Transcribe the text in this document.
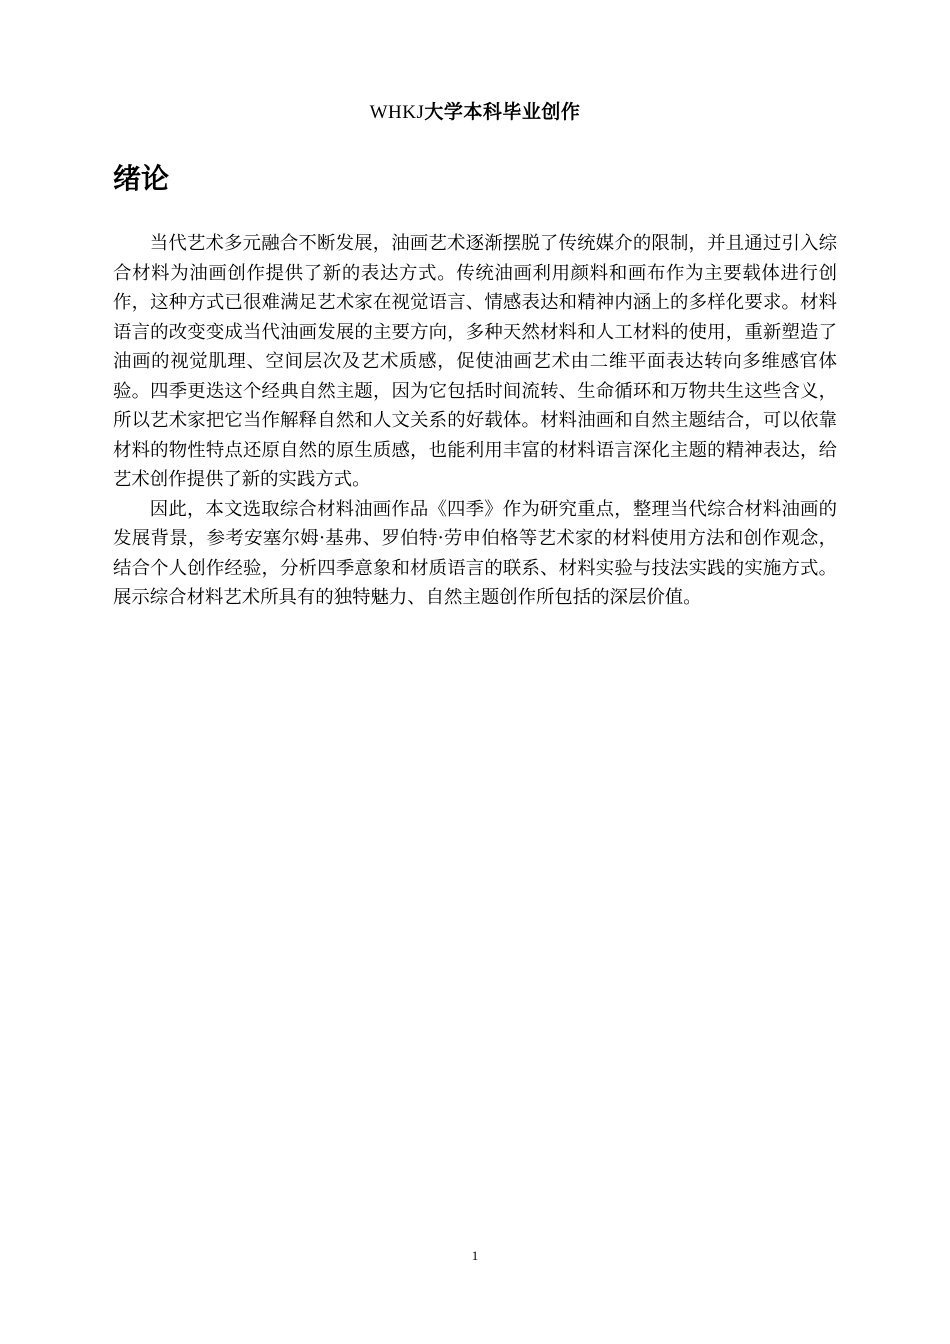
WHKJ大学本科毕业创作
绪论

当代艺术多元融合不断发展，油画艺术逐渐摆脱了传统媒介的限制，并且通过引入综合材料为油画创作提供了新的表达方式。传统油画利用颜料和画布作为主要载体进行创作，这种方式已很难满足艺术家在视觉语言、情感表达和精神内涵上的多样化要求。材料语言的改变变成当代油画发展的主要方向，多种天然材料和人工材料的使用，重新塑造了油画的视觉肌理、空间层次及艺术质感，促使油画艺术由二维平面表达转向多维感官体验。四季更迭这个经典自然主题，因为它包括时间流转、生命循环和万物共生这些含义，所以艺术家把它当作解释自然和人文关系的好载体。材料油画和自然主题结合，可以依靠材料的物性特点还原自然的原生质感，也能利用丰富的材料语言深化主题的精神表达，给艺术创作提供了新的实践方式。

因此，本文选取综合材料油画作品《四季》作为研究重点，整理当代综合材料油画的发展背景，参考安塞尔姆·基弗、罗伯特·劳申伯格等艺术家的材料使用方法和创作观念，结合个人创作经验，分析四季意象和材质语言的联系、材料实验与技法实践的实施方式。展示综合材料艺术所具有的独特魅力、自然主题创作所包括的深层价值。

1
